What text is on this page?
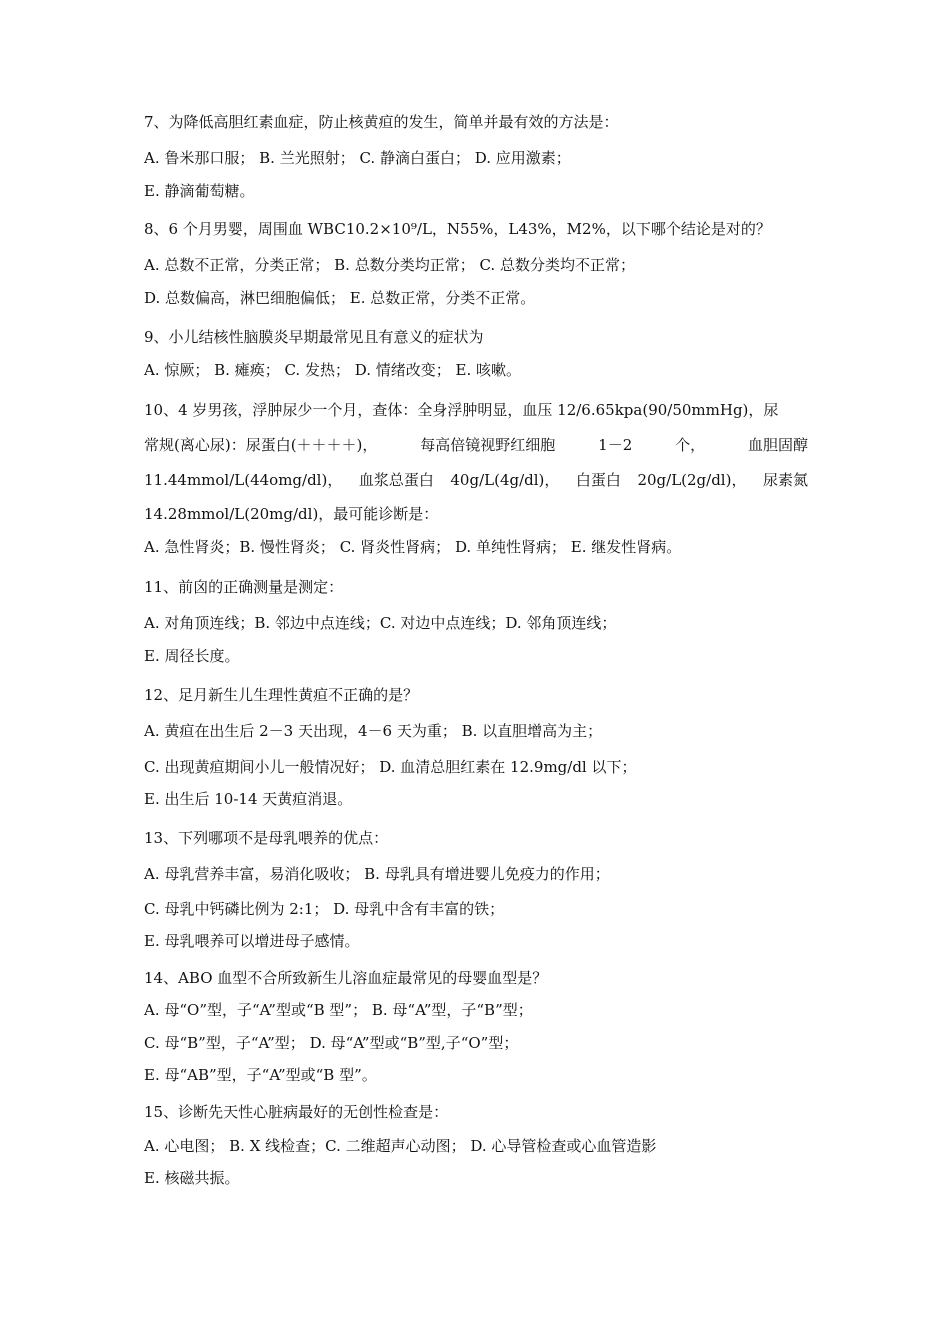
7、为降低高胆红素血症，防止核黄疸的发生，简单并最有效的方法是：
A. 鲁米那口服； B. 兰光照射； C. 静滴白蛋白； D. 应用激素；
E. 静滴葡萄糖。
8、6 个月男婴，周围血 WBC10.2×10⁹/L，N55%，L43%，M2%，以下哪个结论是对的？
A. 总数不正常，分类正常； B. 总数分类均正常； C. 总数分类均不正常；
D. 总数偏高，淋巴细胞偏低； E. 总数正常，分类不正常。
9、小儿结核性脑膜炎早期最常见且有意义的症状为
A. 惊厥； B. 瘫痪； C. 发热； D. 情绪改变； E. 咳嗽。
10、4 岁男孩，浮肿尿少一个月，查体：全身浮肿明显，血压 12/6.65kpa(90/50mmHg)，尿
常规(离心尿)：尿蛋白(＋＋＋＋)，	每高倍镜视野红细胞	1－2	个，	血胆固醇
11.44mmol/L(44omg/dl)， 血浆总蛋白 40g/L(4g/dl)， 白蛋白 20g/L(2g/dl)， 尿素氮
14.28mmol/L(20mg/dl)，最可能诊断是：
A. 急性肾炎；B. 慢性肾炎； C. 肾炎性肾病； D. 单纯性肾病； E. 继发性肾病。
11、前囟的正确测量是测定：
A. 对角顶连线；B. 邻边中点连线；C. 对边中点连线；D. 邻角顶连线；
E. 周径长度。
12、足月新生儿生理性黄疸不正确的是？
A. 黄疸在出生后 2－3 天出现，4－6 天为重； B. 以直胆增高为主；
C. 出现黄疸期间小儿一般情况好； D. 血清总胆红素在 12.9mg/dl 以下；
E. 出生后 10-14 天黄疸消退。
13、下列哪项不是母乳喂养的优点：
A. 母乳营养丰富，易消化吸收； B. 母乳具有增进婴儿免疫力的作用；
C. 母乳中钙磷比例为 2:1； D. 母乳中含有丰富的铁；
E. 母乳喂养可以增进母子感情。
14、ABO 血型不合所致新生儿溶血症最常见的母婴血型是？
A. 母“O”型，子“A”型或“B 型”； B. 母“A”型，子“B”型；
C. 母“B”型，子“A”型； D. 母“A”型或“B”型,子“O”型；
E. 母“AB”型，子“A”型或“B 型”。
15、诊断先天性心脏病最好的无创性检查是：
A. 心电图； B. X 线检查；C. 二维超声心动图； D. 心导管检查或心血管造影
E. 核磁共振。
